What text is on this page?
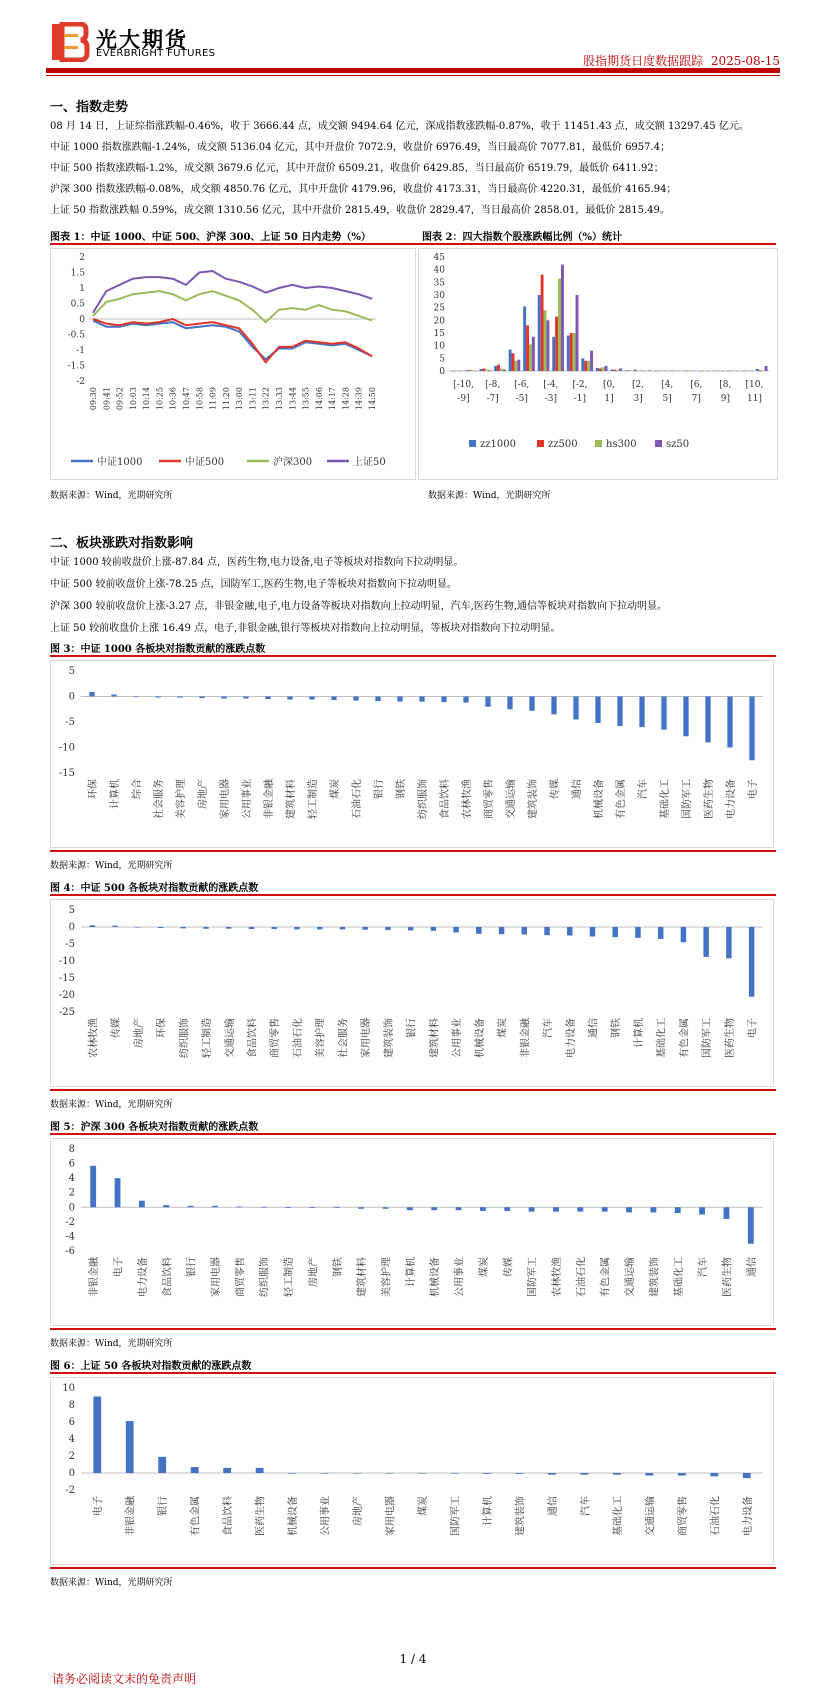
光大期货
EVERBRIGHT FUTURES
股指期货日度数据跟踪 2025-08-15
一、指数走势
08 月 14 日，上证综指涨跌幅-0.46%，收于 3666.44 点，成交额 9494.64 亿元，深成指数涨跌幅-0.87%，收于 11451.43 点，成交额 13297.45 亿元。
中证 1000 指数涨跌幅-1.24%，成交额 5136.04 亿元，其中开盘价 7072.9，收盘价 6976.49，当日最高价 7077.81，最低价 6957.4；
中证 500 指数涨跌幅-1.2%，成交额 3679.6 亿元，其中开盘价 6509.21，收盘价 6429.85，当日最高价 6519.79，最低价 6411.92；
沪深 300 指数涨跌幅-0.08%，成交额 4850.76 亿元，其中开盘价 4179.96，收盘价 4173.31，当日最高价 4220.31，最低价 4165.94；
上证 50 指数涨跌幅 0.59%，成交额 1310.56 亿元，其中开盘价 2815.49，收盘价 2829.47，当日最高价 2858.01，最低价 2815.49。
图表 1：中证 1000、中证 500、沪深 300、上证 50 日内走势（%）	图表 2：四大指数个股涨跌幅比例（%）统计
2
1.5
1
0.5
0
-0.5
-1
-1.5
-2
09:30 09:41 09:52 10:03 10:14 10:25 10:36 10:47 10:58 11:09 11:20 13:00 13:11 13:22 13:33 13:44 13:55 14:06 14:17 14:28 14:39 14:50
中证1000	中证500	沪深300	上证50
45
40
35
30
25
20
15
10
5
0
[-10,
-9]
[-8,
-7]
[-6,
-5]
[-4,
-3]
[-2,
-1]
[0,
1]
[2,
3]
[4,
5]
[6,
7]
[8,
9]
[10,
11]
zz1000	zz500	hs300	sz50
数据来源：Wind，光期研究所	数据来源：Wind，光期研究所
二、板块涨跌对指数影响
中证 1000 较前收盘价上涨-87.84 点，医药生物,电力设备,电子等板块对指数向下拉动明显。
中证 500 较前收盘价上涨-78.25 点，国防军工,医药生物,电子等板块对指数向下拉动明显。
沪深 300 较前收盘价上涨-3.27 点，非银金融,电子,电力设备等板块对指数向上拉动明显，汽车,医药生物,通信等板块对指数向下拉动明显。
上证 50 较前收盘价上涨 16.49 点，电子,非银金融,银行等板块对指数向上拉动明显，等板块对指数向下拉动明显。
图 3：中证 1000 各板块对指数贡献的涨跌点数
5
0
-5
-10
-15
环保 计算机 综合 社会服务 美容护理 房地产 家用电器 公用事业 非银金融 建筑材料 轻工制造 煤炭 石油石化 银行 钢铁 纺织服饰 食品饮料 农林牧渔 商贸零售 交通运输 建筑装饰 传媒 通信 机械设备 有色金属 汽车 基础化工 国防军工 医药生物 电力设备 电子
数据来源：Wind，光期研究所
图 4：中证 500 各板块对指数贡献的涨跌点数
5
0
-5
-10
-15
-20
-25
农林牧渔 传媒 房地产 环保 纺织服饰 轻工制造 交通运输 食品饮料 商贸零售 石油石化 美容护理 社会服务 家用电器 建筑装饰 银行 建筑材料 公用事业 机械设备 煤炭 非银金融 汽车 电力设备 通信 钢铁 计算机 基础化工 有色金属 国防军工 医药生物 电子
数据来源：Wind，光期研究所
图 5：沪深 300 各板块对指数贡献的涨跌点数
8
6
4
2
0
-2
-4
-6
非银金融 电子 电力设备 食品饮料 银行 家用电器 商贸零售 纺织服饰 轻工制造 房地产 钢铁 建筑材料 美容护理 计算机 机械设备 公用事业 煤炭 传媒 国防军工 农林牧渔 石油石化 有色金属 交通运输 建筑装饰 基础化工 汽车 医药生物 通信
数据来源：Wind，光期研究所
图 6：上证 50 各板块对指数贡献的涨跌点数
10
8
6
4
2
0
-2
电子 非银金融 银行 有色金属 食品饮料 医药生物 机械设备 公用事业 房地产 家用电器 煤炭 国防军工 计算机 建筑装饰 通信 汽车 基础化工 交通运输 商贸零售 石油石化 电力设备
数据来源：Wind，光期研究所
1 / 4
请务必阅读文末的免责声明
